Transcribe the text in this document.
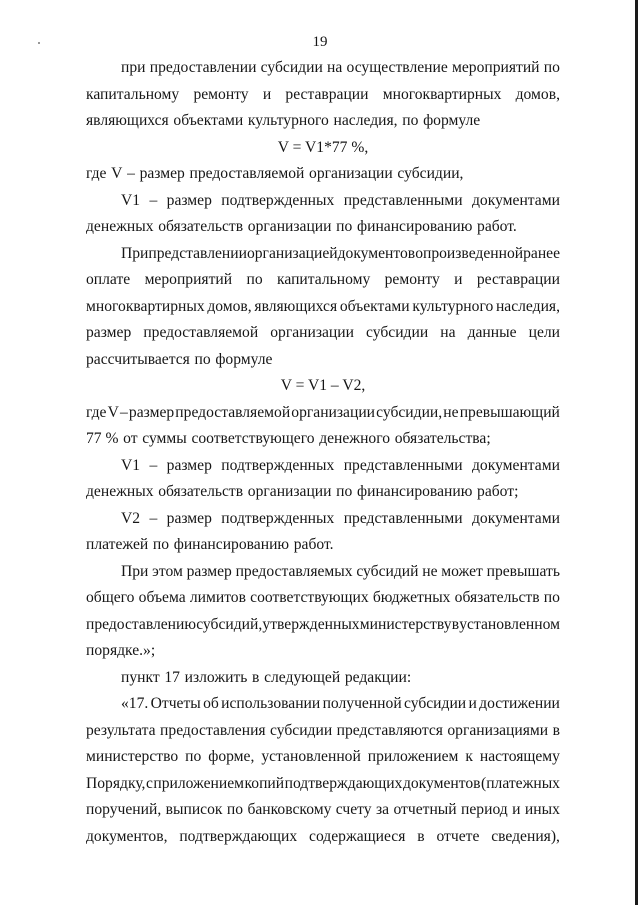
19
при предоставлении субсидии на осуществление мероприятий по
капитальному ремонту и реставрации многоквартирных домов,
являющихся объектами культурного наследия, по формуле
V = V1*77 %,
где V – размер предоставляемой организации субсидии,
V1 – размер подтвержденных представленными документами
денежных обязательств организации по финансированию работ.
При представлении организацией документов о произведенной ранее
оплате мероприятий по капитальному ремонту и реставрации
многоквартирных домов, являющихся объектами культурного наследия,
размер предоставляемой организации субсидии на данные цели
рассчитывается по формуле
V = V1 – V2,
где V – размер предоставляемой организации субсидии, не превышающий
77 % от суммы соответствующего денежного обязательства;
V1 – размер подтвержденных представленными документами
денежных обязательств организации по финансированию работ;
V2 – размер подтвержденных представленными документами
платежей по финансированию работ.
При этом размер предоставляемых субсидий не может превышать
общего объема лимитов соответствующих бюджетных обязательств по
предоставлению субсидий, утвержденных министерству в установленном
порядке.»;
пункт 17 изложить в следующей редакции:
«17. Отчеты об использовании полученной субсидии и достижении
результата предоставления субсидии представляются организациями в
министерство по форме, установленной приложением к настоящему
Порядку, с приложением копий подтверждающих документов (платежных
поручений, выписок по банковскому счету за отчетный период и иных
документов, подтверждающих содержащиеся в отчете сведения),
